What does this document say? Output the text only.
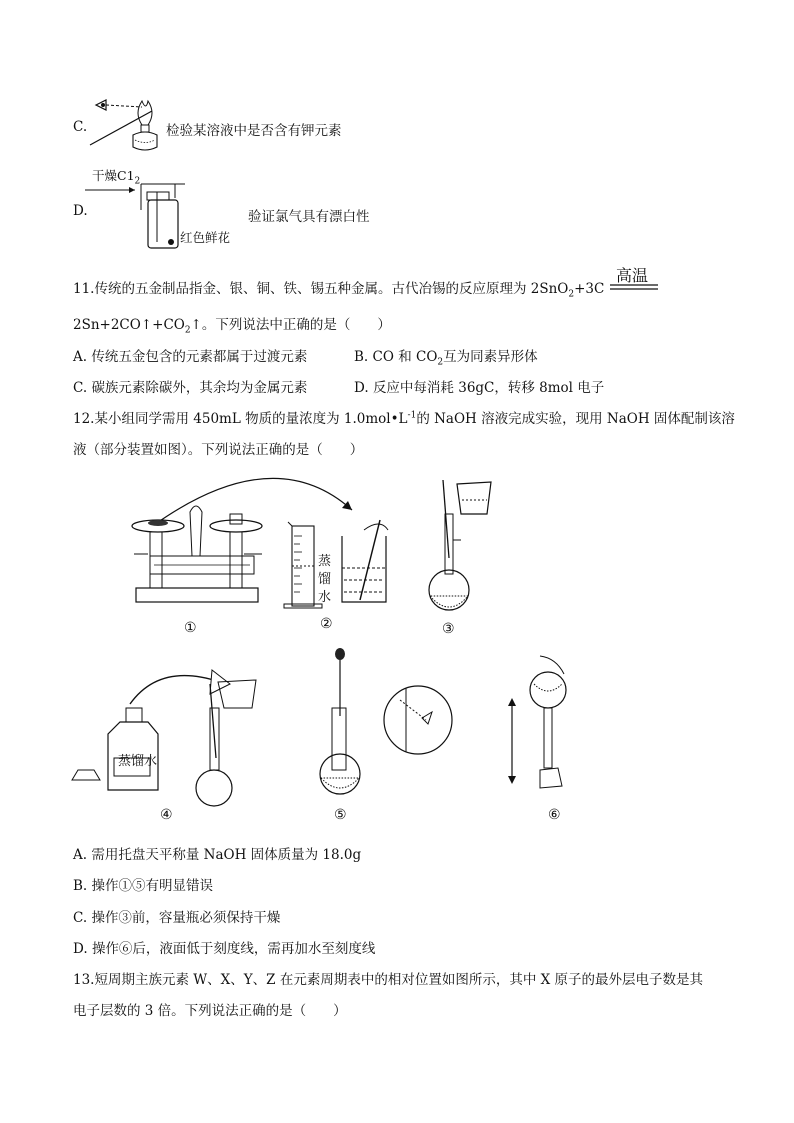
C.	检验某溶液中是否含有钾元素
干燥$C1_2$
D.
红色鲜花
验证氯气具有漂白性
11.传统的五金制品指金、银、铜、铁、锡五种金属。古代冶锡的反应原理为 2SnO$_2$+3C
高温
$2Sn+2CO↑+CO_2↑$。下列说法中正确的是（　　）
A. 传统五金包含的元素都属于过渡元素	B. CO 和 $CO_2$互为同素异形体
C. 碳族元素除碳外，其余均为金属元素	D. 反应中每消耗 36gC，转移 8mol 电子
12.某小组同学需用 450mL 物质的量浓度为 $1.0mol•L^{-1}$的 NaOH 溶液完成实验，现用 NaOH 固体配制该溶
液（部分装置如图）。下列说法正确的是（　　）
蒸
馏
水
①	②	③
蒸馏水
④	⑤	⑥
A. 需用托盘天平称量 NaOH 固体质量为 18.0g
B. 操作①⑤有明显错误
C. 操作③前，容量瓶必须保持干燥
D. 操作⑥后，液面低于刻度线，需再加水至刻度线
13.短周期主族元素 W、X、Y、Z 在元素周期表中的相对位置如图所示，其中 X 原子的最外层电子数是其
电子层数的 3 倍。下列说法正确的是（　　）
